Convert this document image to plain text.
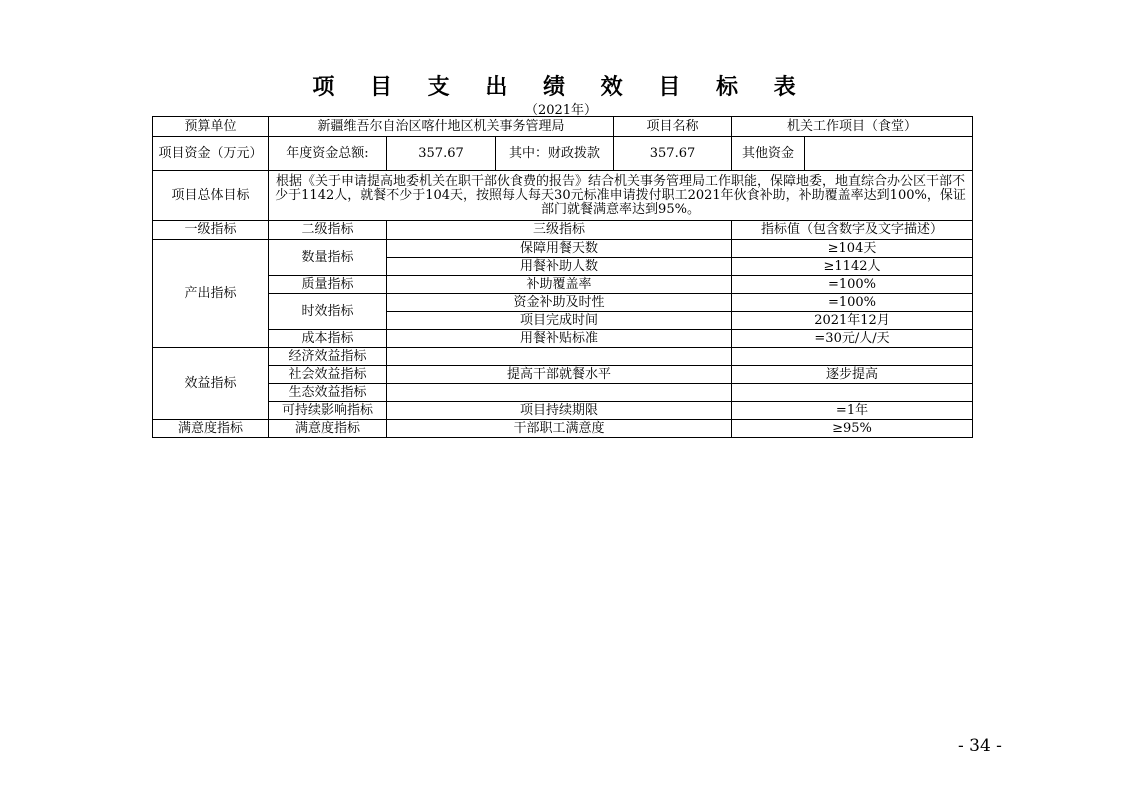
项 目 支 出 绩 效 目 标 表
（2021年）
预算单位	新疆维吾尔自治区喀什地区机关事务管理局			项目名称	机关工作项目（食堂）	
项目资金（万元）	年度资金总额:	357.67	其中：财政拨款	357.67	其他资金	
项目总体目标	根据《关于申请提高地委机关在职干部伙食费的报告》结合机关事务管理局工作职能，保障地委，地直综合办公区干部不少于1142人，就餐不少于104天，按照每人每天30元标准申请拨付职工2021年伙食补助，补助覆盖率达到100%，保证部门就餐满意率达到95%。					
一级指标	二级指标	三级指标			指标值（包含数字及文字描述）	
产出指标	数量指标	保障用餐天数			≥104天	
		用餐补助人数			≥1142人	
	质量指标	补助覆盖率			=100%	
	时效指标	资金补助及时性			=100%	
		项目完成时间			2021年12月	
	成本指标	用餐补贴标准			=30元/人/天	
效益指标	经济效益指标					
	社会效益指标	提高干部就餐水平			逐步提高	
	生态效益指标					
	可持续影响指标	项目持续期限			=1年	
满意度指标	满意度指标	干部职工满意度			≥95%	
- 34 -
